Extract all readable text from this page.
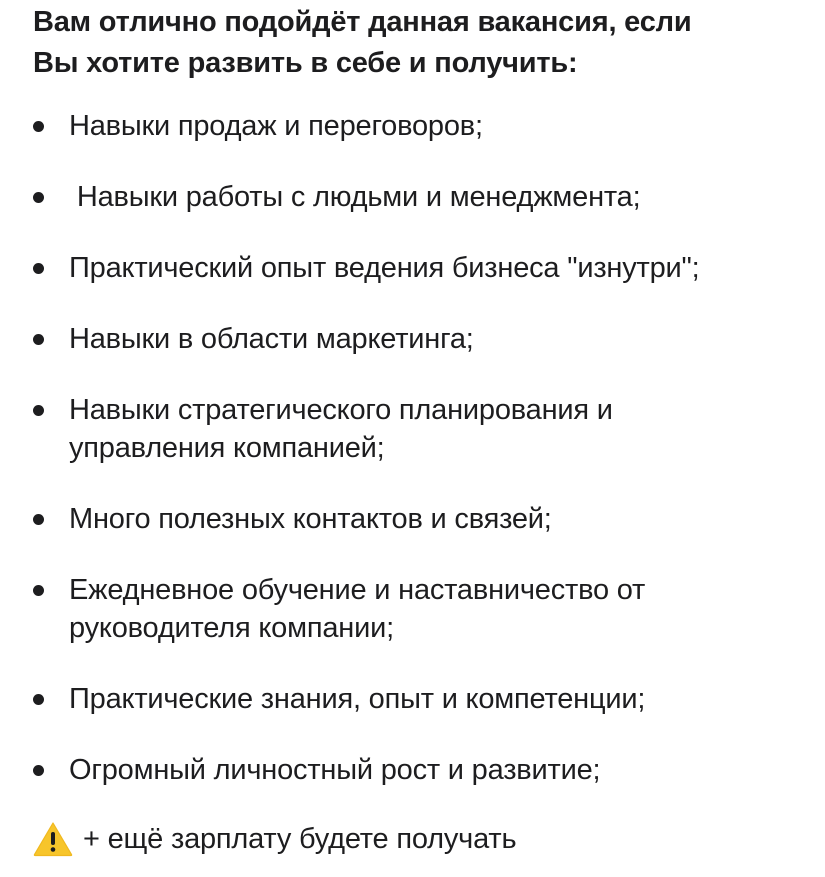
Вам отлично подойдёт данная вакансия, если
Вы хотите развить в себе и получить:
Навыки продаж и переговоров;
Навыки работы с людьми и менеджмента;
Практический опыт ведения бизнеса "изнутри";
Навыки в области маркетинга;
Навыки стратегического планирования и управления компанией;
Много полезных контактов и связей;
Ежедневное обучение и наставничество от руководителя компании;
Практические знания, опыт и компетенции;
Огромный личностный рост и развитие;
+ ещё зарплату будете получать
